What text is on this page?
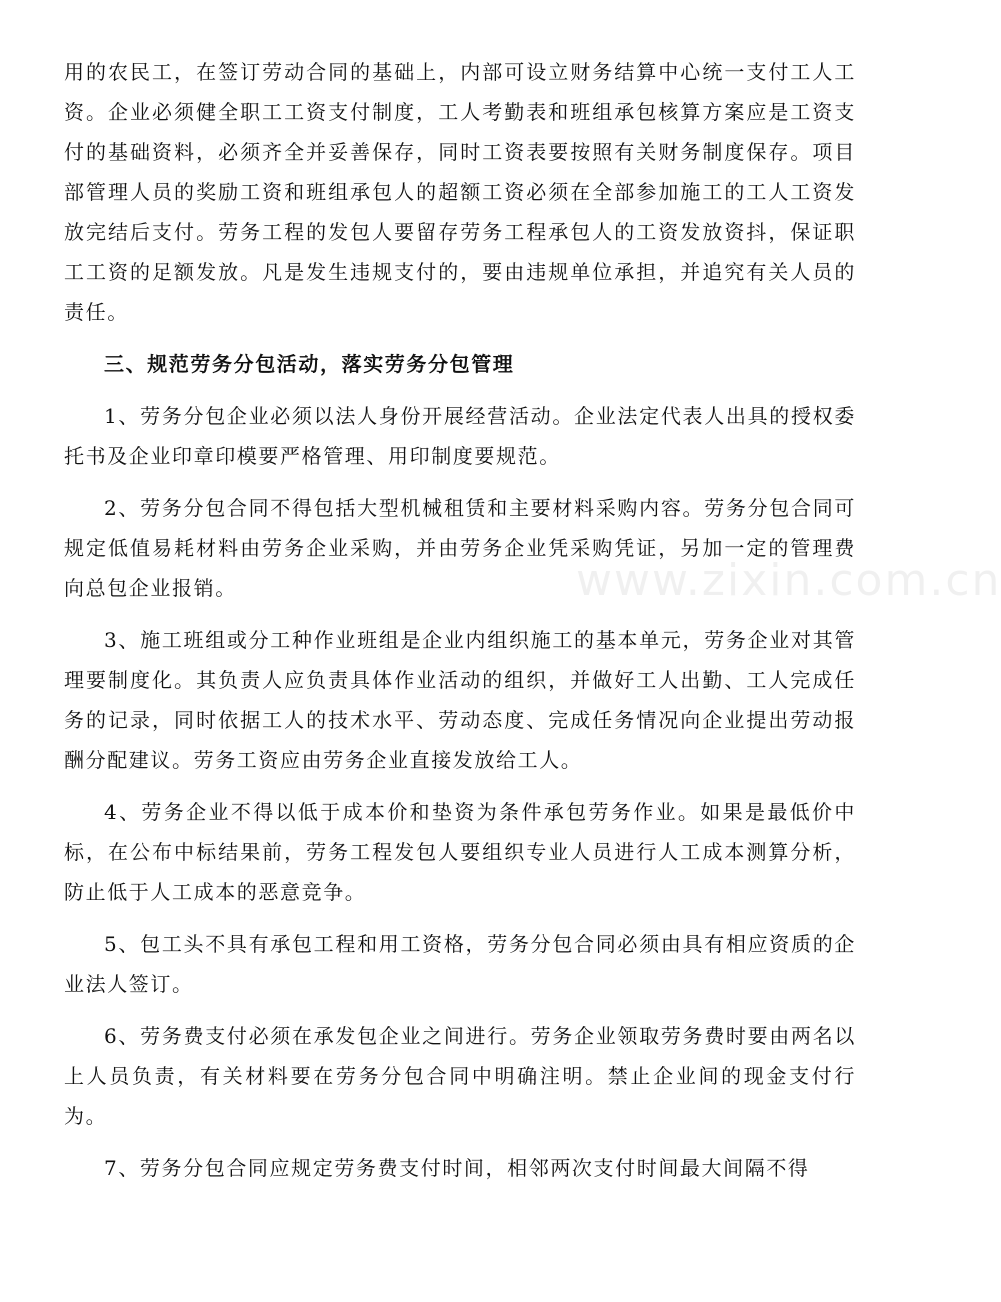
用的农民工，在签订劳动合同的基础上，内部可设立财务结算中心统一支付工人工资。企业必须健全职工工资支付制度，工人考勤表和班组承包核算方案应是工资支付的基础资料，必须齐全并妥善保存，同时工资表要按照有关财务制度保存。项目部管理人员的奖励工资和班组承包人的超额工资必须在全部参加施工的工人工资发放完结后支付。劳务工程的发包人要留存劳务工程承包人的工资发放资抖，保证职工工资的足额发放。凡是发生违规支付的，要由违规单位承担，并追究有关人员的责任。

三、规范劳务分包活动，落实劳务分包管理

1、劳务分包企业必须以法人身份开展经营活动。企业法定代表人出具的授权委托书及企业印章印模要严格管理、用印制度要规范。

2、劳务分包合同不得包括大型机械租赁和主要材料采购内容。劳务分包合同可规定低值易耗材料由劳务企业采购，并由劳务企业凭采购凭证，另加一定的管理费向总包企业报销。

3、施工班组或分工种作业班组是企业内组织施工的基本单元，劳务企业对其管理要制度化。其负责人应负责具体作业活动的组织，并做好工人出勤、工人完成任务的记录，同时依据工人的技术水平、劳动态度、完成任务情况向企业提出劳动报酬分配建议。劳务工资应由劳务企业直接发放给工人。

4、劳务企业不得以低于成本价和垫资为条件承包劳务作业。如果是最低价中标，在公布中标结果前，劳务工程发包人要组织专业人员进行人工成本测算分析，防止低于人工成本的恶意竞争。

5、包工头不具有承包工程和用工资格，劳务分包合同必须由具有相应资质的企业法人签订。

6、劳务费支付必须在承发包企业之间进行。劳务企业领取劳务费时要由两名以上人员负责，有关材料要在劳务分包合同中明确注明。禁止企业间的现金支付行为。

7、劳务分包合同应规定劳务费支付时间，相邻两次支付时间最大间隔不得

www.zixin.com.cn
